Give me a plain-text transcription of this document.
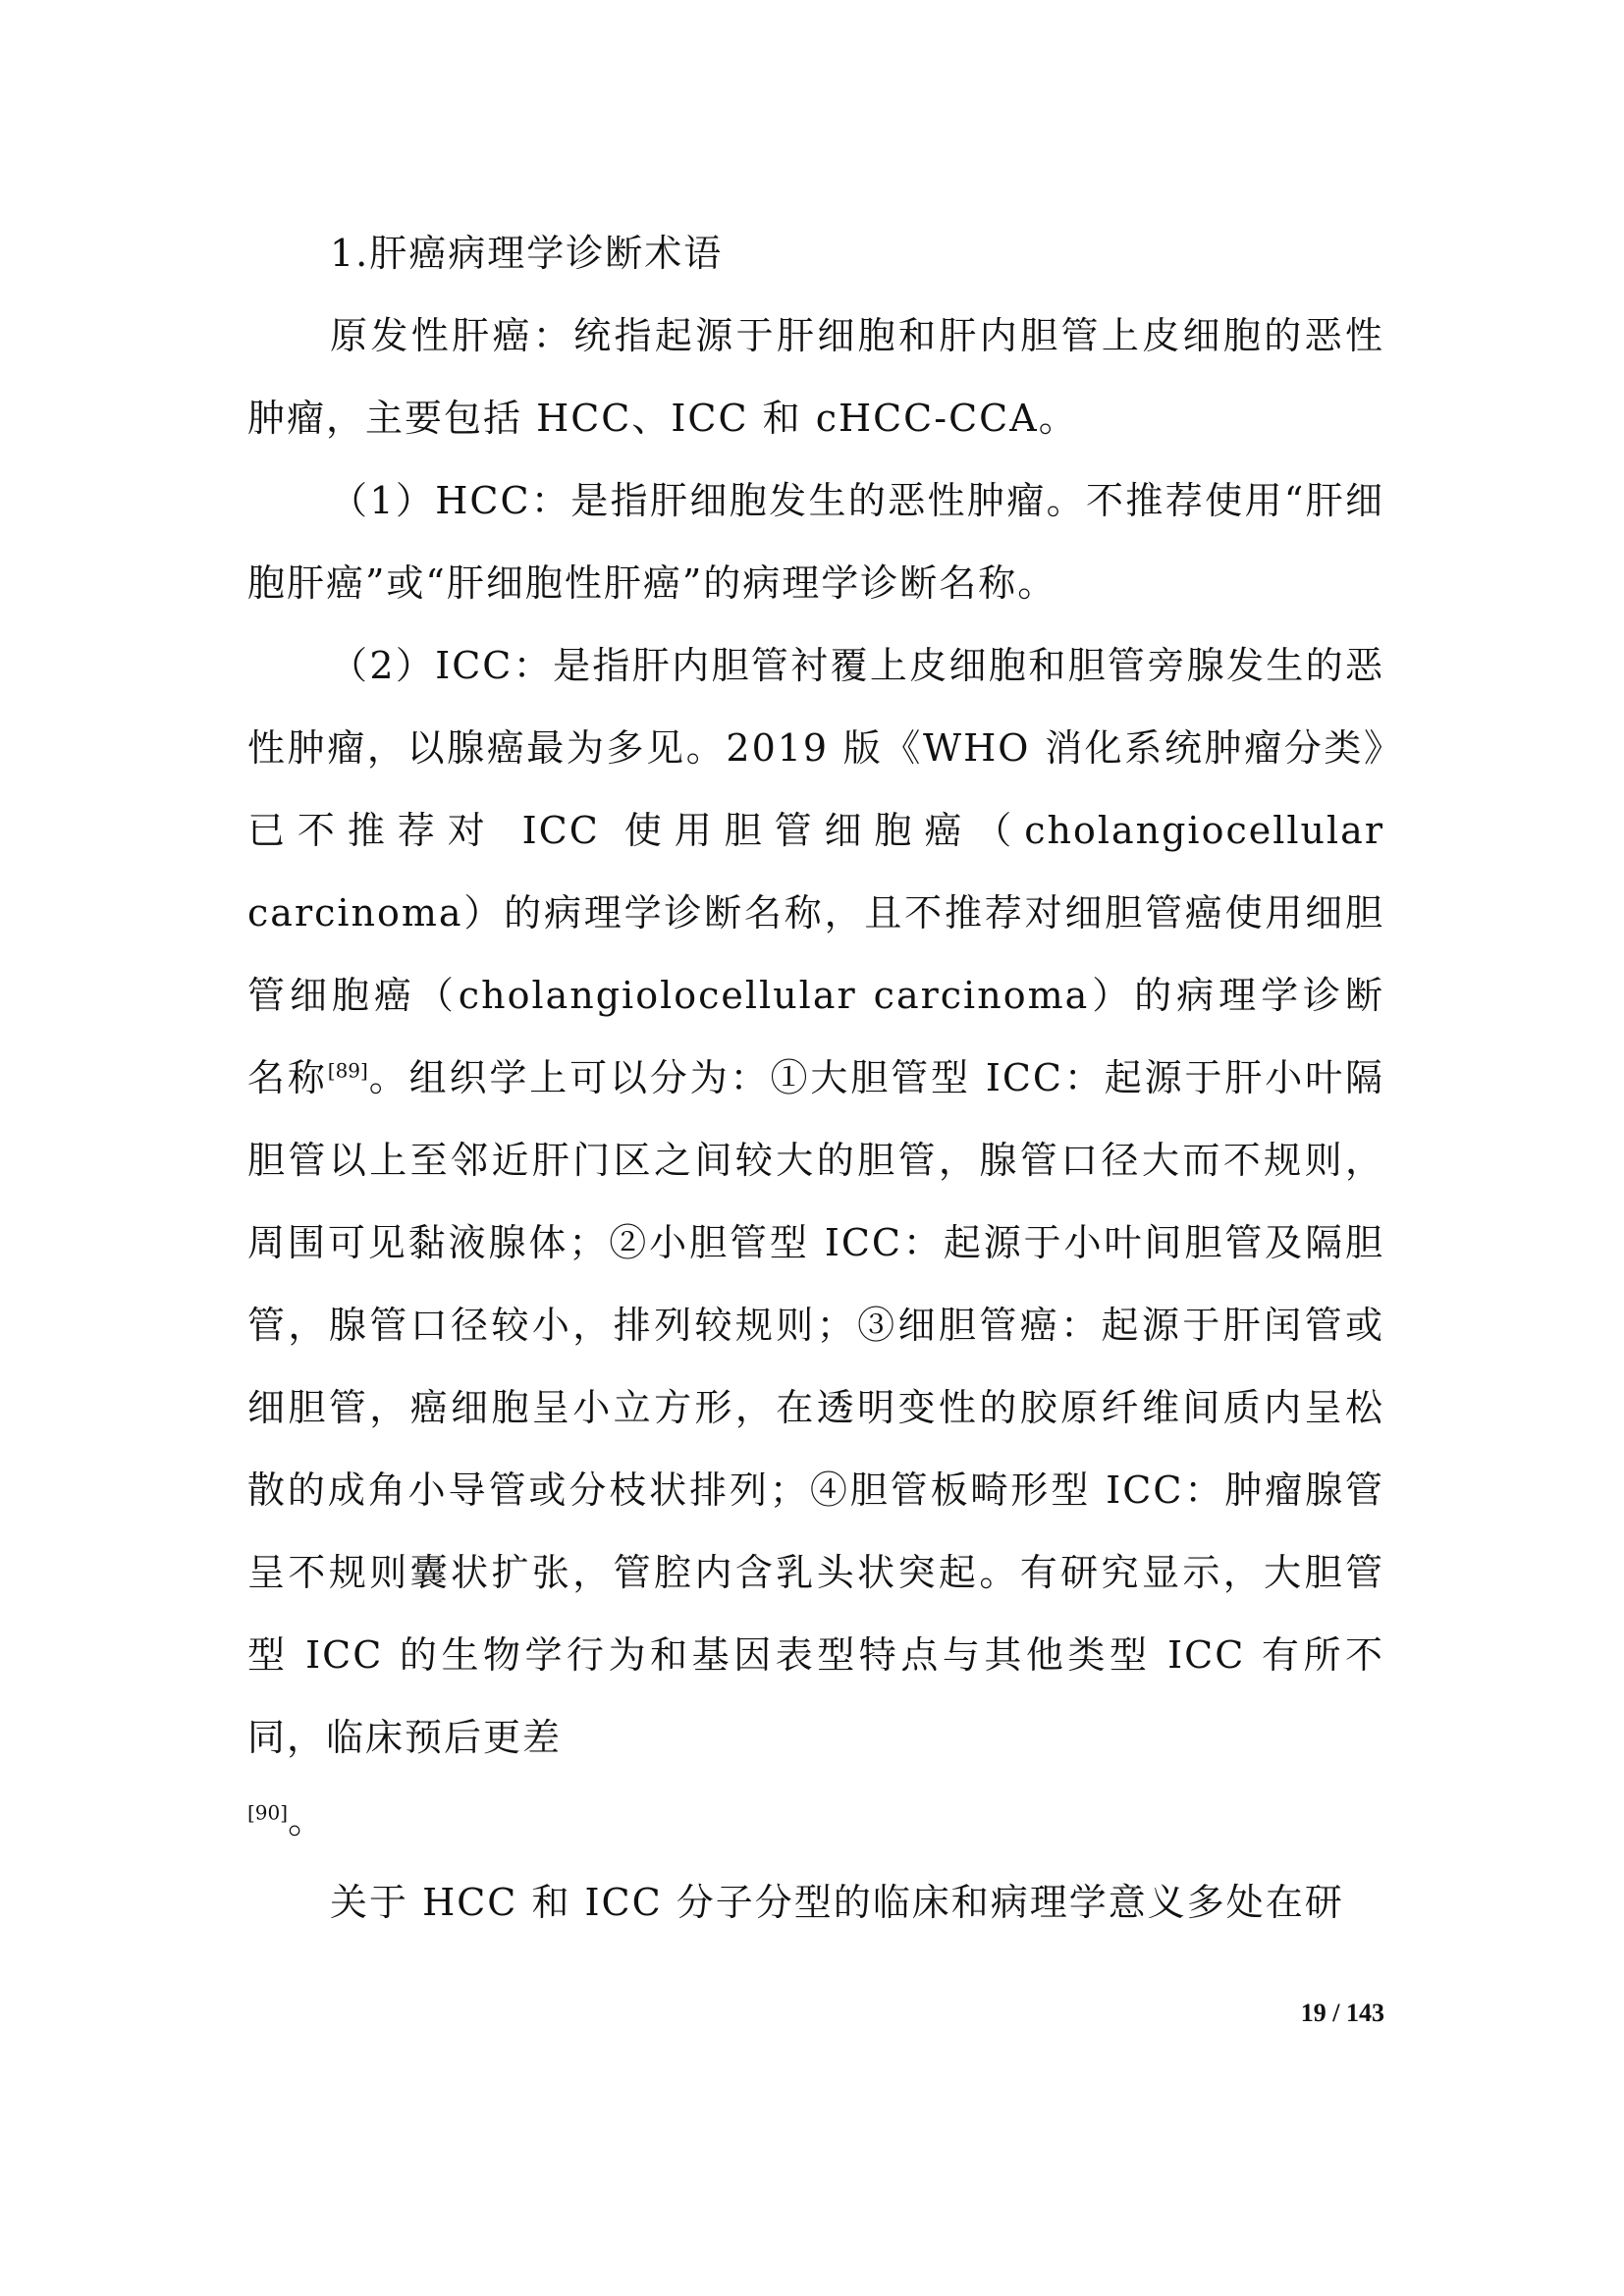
1.肝癌病理学诊断术语

原发性肝癌：统指起源于肝细胞和肝内胆管上皮细胞的恶性肿瘤，主要包括 HCC、ICC 和 cHCC-CCA。

（1）HCC：是指肝细胞发生的恶性肿瘤。不推荐使用“肝细胞肝癌”或“肝细胞性肝癌”的病理学诊断名称。

（2）ICC：是指肝内胆管衬覆上皮细胞和胆管旁腺发生的恶性肿瘤，以腺癌最为多见。2019 版《WHO 消化系统肿瘤分类》已不推荐对 ICC 使用胆管细胞癌（cholangiocellular carcinoma）的病理学诊断名称，且不推荐对细胆管癌使用细胆管细胞癌（cholangiolocellular carcinoma）的病理学诊断名称[89]。组织学上可以分为：①大胆管型 ICC：起源于肝小叶隔胆管以上至邻近肝门区之间较大的胆管，腺管口径大而不规则，周围可见黏液腺体；②小胆管型 ICC：起源于小叶间胆管及隔胆管，腺管口径较小，排列较规则；③细胆管癌：起源于肝闰管或细胆管，癌细胞呈小立方形，在透明变性的胶原纤维间质内呈松散的成角小导管或分枝状排列；④胆管板畸形型 ICC：肿瘤腺管呈不规则囊状扩张，管腔内含乳头状突起。有研究显示，大胆管型 ICC 的生物学行为和基因表型特点与其他类型 ICC 有所不同，临床预后更差

[90]。

关于 HCC 和 ICC 分子分型的临床和病理学意义多处在研

19 / 143
